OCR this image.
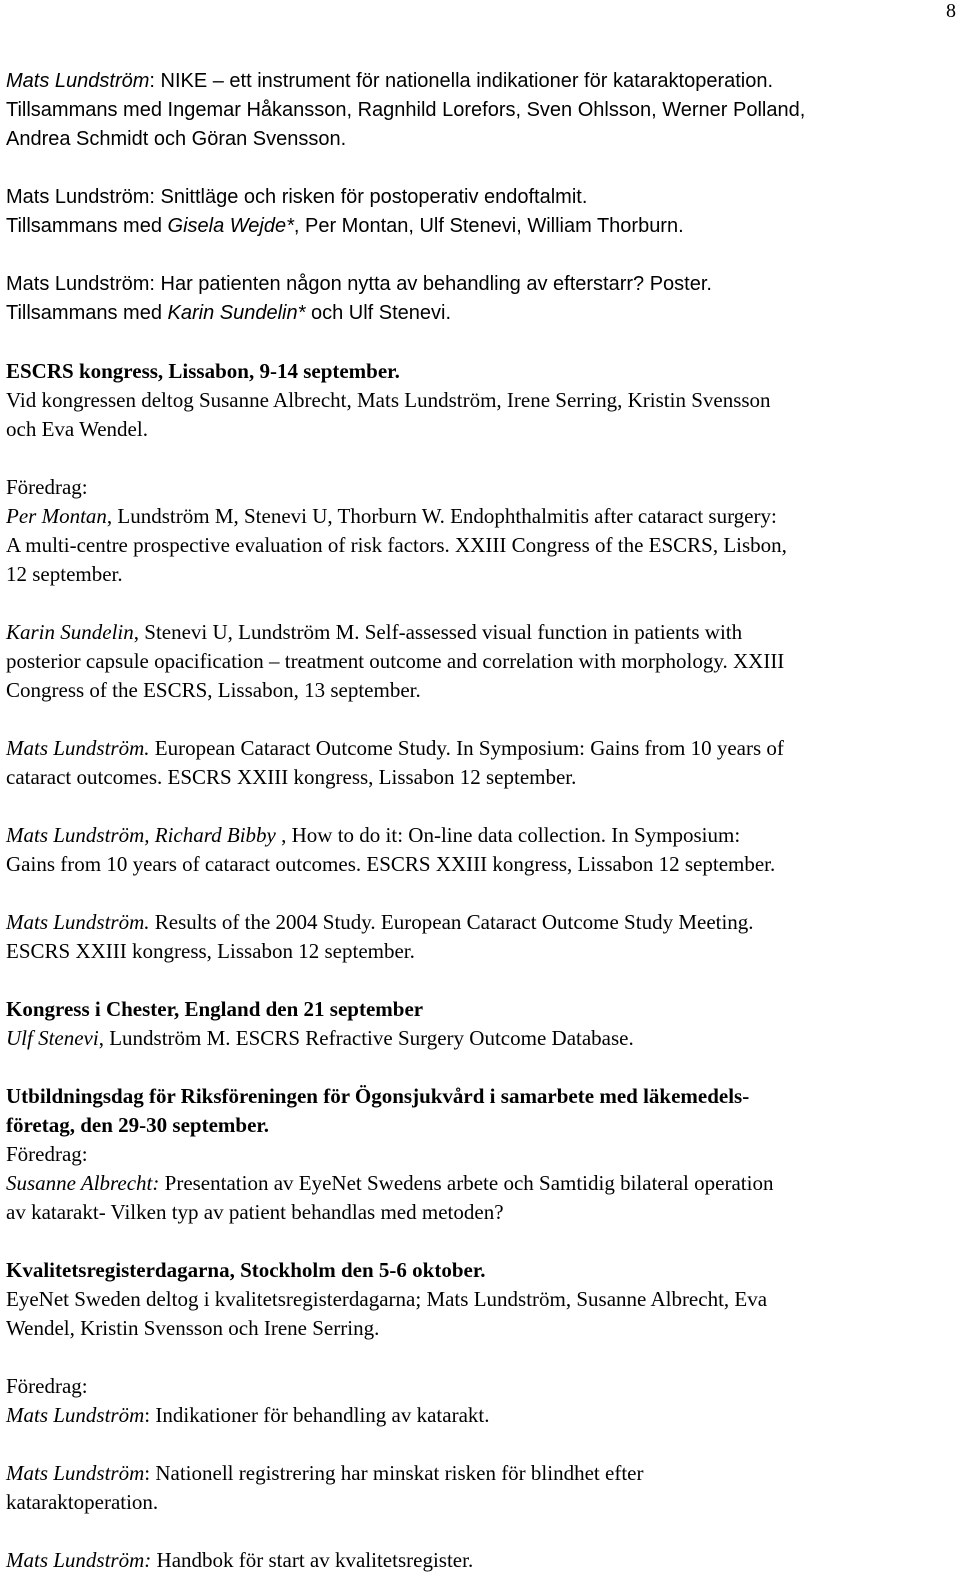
8
Mats Lundström: NIKE – ett instrument för nationella indikationer för kataraktoperation.
Tillsammans med Ingemar Håkansson, Ragnhild Lorefors, Sven Ohlsson, Werner Polland,
Andrea Schmidt och Göran Svensson.
Mats Lundström: Snittläge och risken för postoperativ endoftalmit.
Tillsammans med Gisela Wejde*, Per Montan, Ulf Stenevi, William Thorburn.
Mats Lundström: Har patienten någon nytta av behandling av efterstarr? Poster.
Tillsammans med Karin Sundelin* och Ulf Stenevi.
ESCRS kongress, Lissabon, 9-14 september.
Vid kongressen deltog Susanne Albrecht, Mats Lundström, Irene Serring, Kristin Svensson
och Eva Wendel.
Föredrag:
Per Montan, Lundström M, Stenevi U, Thorburn W. Endophthalmitis after cataract surgery:
A multi-centre prospective evaluation of risk factors. XXIII Congress of the ESCRS, Lisbon,
12 september.
Karin Sundelin, Stenevi U, Lundström M. Self-assessed visual function in patients with
posterior capsule opacification – treatment outcome and correlation with morphology. XXIII
Congress of the ESCRS, Lissabon, 13 september.
Mats Lundström. European Cataract Outcome Study. In Symposium: Gains from 10 years of
cataract outcomes. ESCRS XXIII kongress, Lissabon 12 september.
Mats Lundström, Richard Bibby , How to do it: On-line data collection. In Symposium:
Gains from 10 years of cataract outcomes. ESCRS XXIII kongress, Lissabon 12 september.
Mats Lundström. Results of the 2004 Study. European Cataract Outcome Study Meeting.
ESCRS XXIII kongress, Lissabon 12 september.
Kongress i Chester, England den 21 september
Ulf Stenevi, Lundström M. ESCRS Refractive Surgery Outcome Database.
Utbildningsdag för Riksföreningen för Ögonsjukvård i samarbete med läkemedels-
företag, den 29-30 september.
Föredrag:
Susanne Albrecht: Presentation av EyeNet Swedens arbete och Samtidig bilateral operation
av katarakt- Vilken typ av patient behandlas med metoden?
Kvalitetsregisterdagarna, Stockholm den 5-6 oktober.
EyeNet Sweden deltog i kvalitetsregisterdagarna; Mats Lundström, Susanne Albrecht, Eva
Wendel, Kristin Svensson och Irene Serring.
Föredrag:
Mats Lundström: Indikationer för behandling av katarakt.
Mats Lundström: Nationell registrering har minskat risken för blindhet efter
kataraktoperation.
Mats Lundström: Handbok för start av kvalitetsregister.
